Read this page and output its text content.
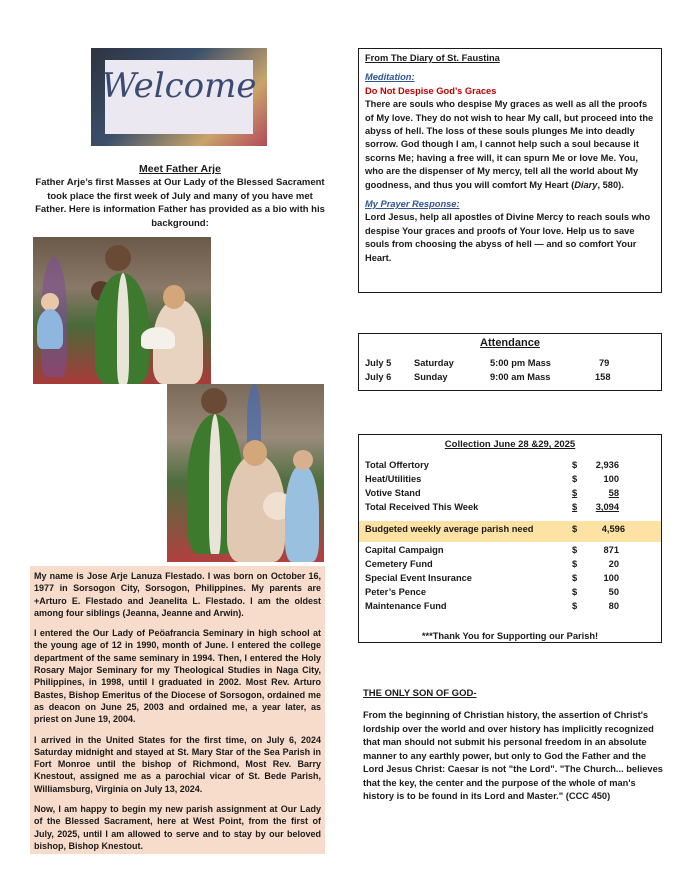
Welcome
Meet Father Arje
Father Arje’s first Masses at Our Lady of the Blessed Sacrament took place the first week of July and many of you have met Father. Here is information Father has provided as a bio with his background:

My name is Jose Arje Lanuza Flestado. I was born on October 16, 1977 in Sorsogon City, Sorsogon, Philippines. My parents are +Arturo E. Flestado and Jeanelita L. Flestado. I am the oldest among four siblings (Jeanna, Jeanne and Arwin).

I entered the Our Lady of Peöafrancia Seminary in high school at the young age of 12 in 1990, month of June. I entered the college department of the same seminary in 1994. Then, I entered the Holy Rosary Major Seminary for my Theological Studies in Naga City, Philippines, in 1998, until I graduated in 2002. Most Rev. Arturo Bastes, Bishop Emeritus of the Diocese of Sorsogon, ordained me as deacon on June 25, 2003 and ordained me, a year later, as priest on June 19, 2004.

I arrived in the United States for the first time, on July 6, 2024 Saturday midnight and stayed at St. Mary Star of the Sea Parish in Fort Monroe until the bishop of Richmond, Most Rev. Barry Knestout, assigned me as a parochial vicar of St. Bede Parish, Williamsburg, Virginia on July 13, 2024.

Now, I am happy to begin my new parish assignment at Our Lady of the Blessed Sacrament, here at West Point, from the first of July, 2025, until I am allowed to serve and to stay by our beloved bishop, Bishop Knestout.

From The Diary of St. Faustina
Meditation:
Do Not Despise God’s Graces
There are souls who despise My graces as well as all the proofs of My love. They do not wish to hear My call, but proceed into the abyss of hell. The loss of these souls plunges Me into deadly sorrow. God though I am, I cannot help such a soul because it scorns Me; having a free will, it can spurn Me or love Me. You, who are the dispenser of My mercy, tell all the world about My goodness, and thus you will comfort My Heart (Diary, 580).
My Prayer Response:
Lord Jesus, help all apostles of Divine Mercy to reach souls who despise Your graces and proofs of Your love. Help us to save souls from choosing the abyss of hell — and so comfort Your Heart.
Attendance
July 5 Saturday	5:00 pm Mass	79
July 6 Sunday	9:00 am Mass	158
Collection June 28 &29, 2025
Total Offertory	$ 2,936
Heat/Utilities	$	100
Votive Stand	$	58
Total Received This Week	$	3,094
Budgeted weekly average parish need	$	4,596
Capital Campaign	$	871
Cemetery Fund	$	20
Special Event Insurance	$	100
Peter’s Pence	$	50
Maintenance Fund	$	80
***Thank You for Supporting our Parish!
THE ONLY SON OF GOD-
From the beginning of Christian history, the assertion of Christ's lordship over the world and over history has implicitly recognized that man should not submit his personal freedom in an absolute manner to any earthly power, but only to God the Father and the Lord Jesus Christ: Caesar is not "the Lord". "The Church... believes that the key, the center and the purpose of the whole of man's history is to be found in its Lord and Master." (CCC 450)
